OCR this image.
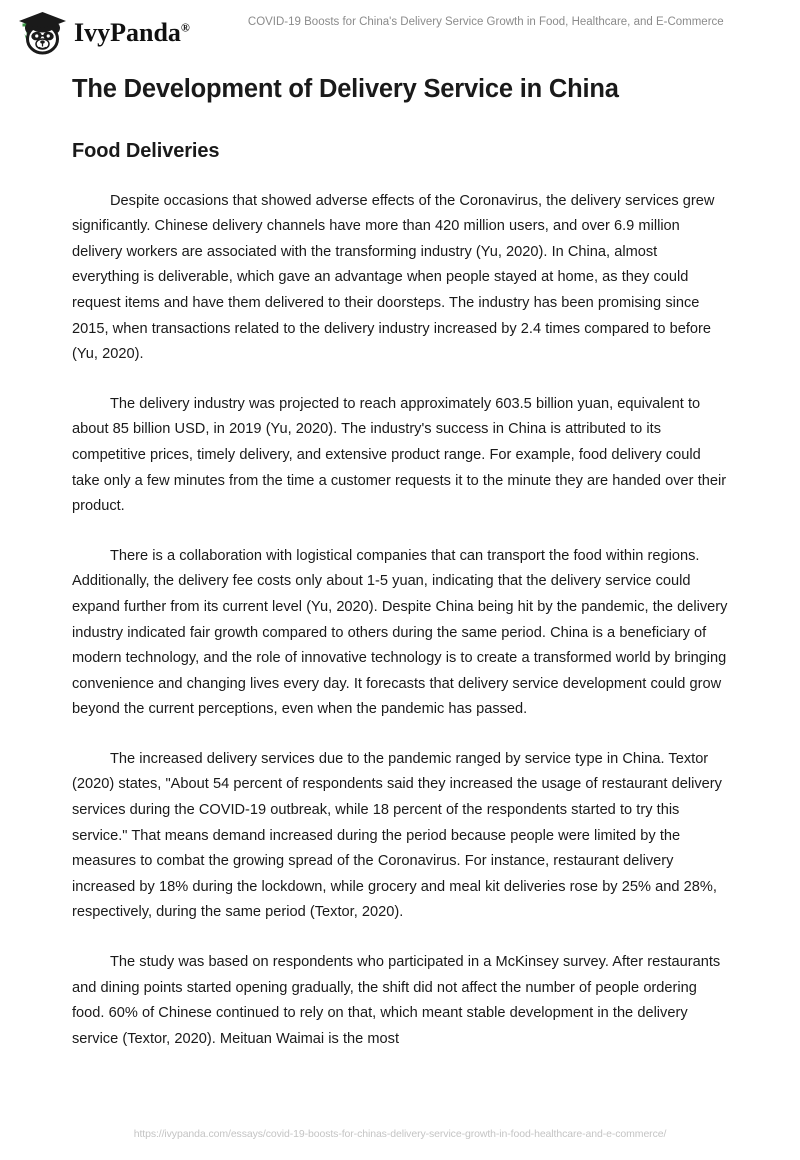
IvyPanda®	COVID-19 Boosts for China's Delivery Service Growth in Food, Healthcare, and E-Commerce
The Development of Delivery Service in China
Food Deliveries

Despite occasions that showed adverse effects of the Coronavirus, the delivery services grew significantly. Chinese delivery channels have more than 420 million users, and over 6.9 million delivery workers are associated with the transforming industry (Yu, 2020). In China, almost everything is deliverable, which gave an advantage when people stayed at home, as they could request items and have them delivered to their doorsteps. The industry has been promising since 2015, when transactions related to the delivery industry increased by 2.4 times compared to before (Yu, 2020).

The delivery industry was projected to reach approximately 603.5 billion yuan, equivalent to about 85 billion USD, in 2019 (Yu, 2020). The industry's success in China is attributed to its competitive prices, timely delivery, and extensive product range. For example, food delivery could take only a few minutes from the time a customer requests it to the minute they are handed over their product.

There is a collaboration with logistical companies that can transport the food within regions. Additionally, the delivery fee costs only about 1-5 yuan, indicating that the delivery service could expand further from its current level (Yu, 2020). Despite China being hit by the pandemic, the delivery industry indicated fair growth compared to others during the same period. China is a beneficiary of modern technology, and the role of innovative technology is to create a transformed world by bringing convenience and changing lives every day. It forecasts that delivery service development could grow beyond the current perceptions, even when the pandemic has passed.

The increased delivery services due to the pandemic ranged by service type in China. Textor (2020) states, "About 54 percent of respondents said they increased the usage of restaurant delivery services during the COVID-19 outbreak, while 18 percent of the respondents started to try this service." That means demand increased during the period because people were limited by the measures to combat the growing spread of the Coronavirus. For instance, restaurant delivery increased by 18% during the lockdown, while grocery and meal kit deliveries rose by 25% and 28%, respectively, during the same period (Textor, 2020).

The study was based on respondents who participated in a McKinsey survey. After restaurants and dining points started opening gradually, the shift did not affect the number of people ordering food. 60% of Chinese continued to rely on that, which meant stable development in the delivery service (Textor, 2020). Meituan Waimai is the most

https://ivypanda.com/essays/covid-19-boosts-for-chinas-delivery-service-growth-in-food-healthcare-and-e-commerce/
